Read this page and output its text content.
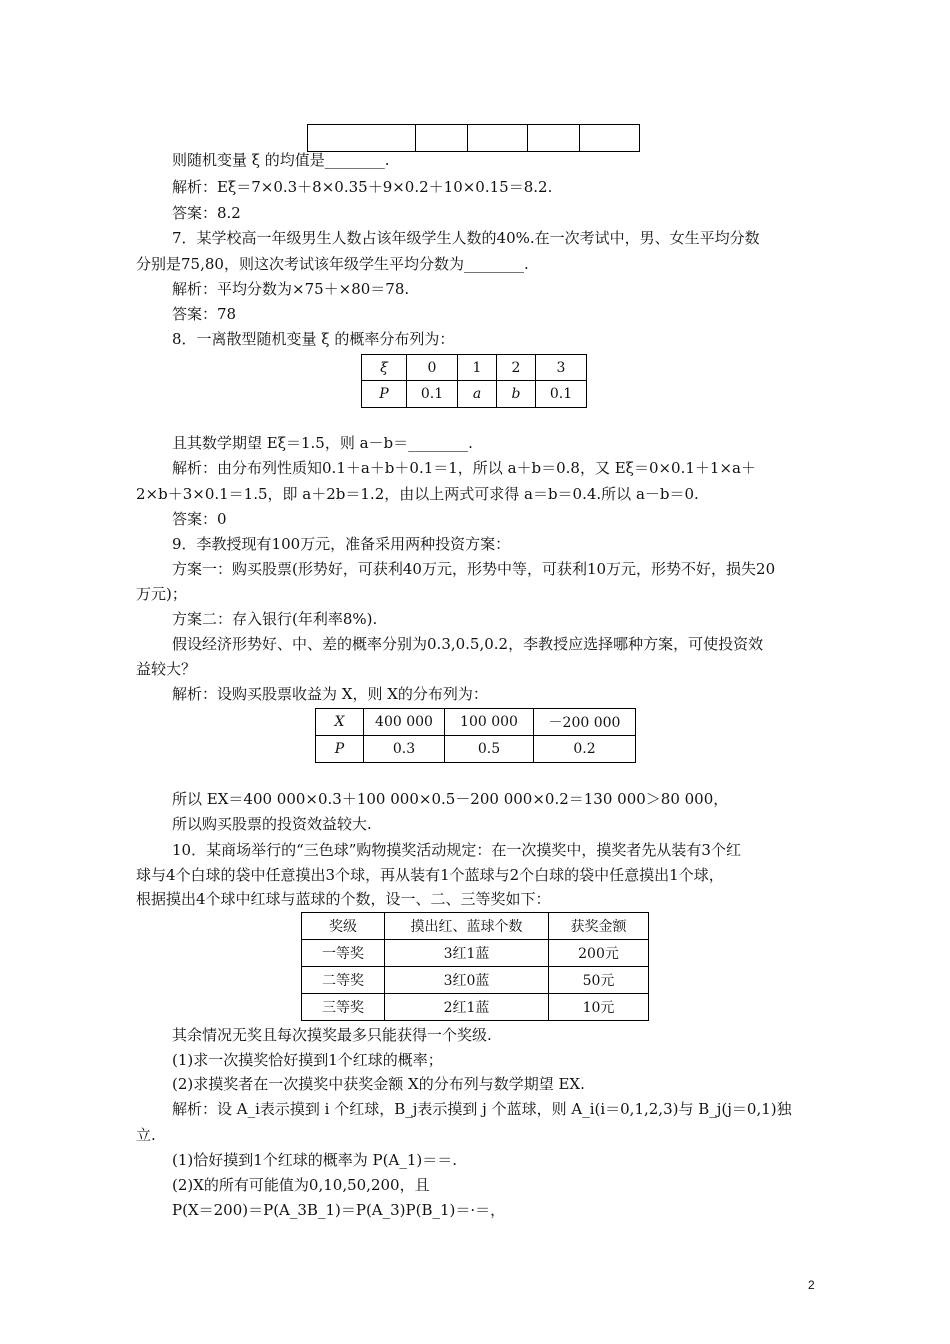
则随机变量 ξ 的均值是________.
解析：Eξ＝7×0.3＋8×0.35＋9×0.2＋10×0.15＝8.2.
答案：8.2
7．某学校高一年级男生人数占该年级学生人数的40%.在一次考试中，男、女生平均分数
分别是75,80，则这次考试该年级学生平均分数为________.
解析：平均分数为×75＋×80＝78.
答案：78
8．一离散型随机变量 ξ 的概率分布列为：
ξ	0	1	2	3
P	0.1	a	b	0.1
且其数学期望 Eξ＝1.5，则 a－b＝________.
解析：由分布列性质知0.1＋a＋b＋0.1＝1，所以 a＋b＝0.8，又 Eξ＝0×0.1＋1×a＋
2×b＋3×0.1＝1.5，即 a＋2b＝1.2，由以上两式可求得 a＝b＝0.4.所以 a－b＝0.
答案：0
9．李教授现有100万元，准备采用两种投资方案：
方案一：购买股票(形势好，可获利40万元，形势中等，可获利10万元，形势不好，损失20
万元)；
方案二：存入银行(年利率8%).
假设经济形势好、中、差的概率分别为0.3,0.5,0.2，李教授应选择哪种方案，可使投资效
益较大？
解析：设购买股票收益为 X，则 X的分布列为：
X	400 000	100 000	－200 000
P	0.3	0.5	0.2
所以 EX＝400 000×0.3＋100 000×0.5－200 000×0.2＝130 000＞80 000，
所以购买股票的投资效益较大.
10．某商场举行的“三色球”购物摸奖活动规定：在一次摸奖中，摸奖者先从装有3个红
球与4个白球的袋中任意摸出3个球，再从装有1个蓝球与2个白球的袋中任意摸出1个球，
根据摸出4个球中红球与蓝球的个数，设一、二、三等奖如下：
奖级	摸出红、蓝球个数	获奖金额
一等奖	3红1蓝	200元
二等奖	3红0蓝	50元
三等奖	2红1蓝	10元
其余情况无奖且每次摸奖最多只能获得一个奖级.
(1)求一次摸奖恰好摸到1个红球的概率；
(2)求摸奖者在一次摸奖中获奖金额 X的分布列与数学期望 EX.
解析：设 A_i表示摸到 i 个红球，B_j表示摸到 j 个蓝球，则 A_i(i＝0,1,2,3)与 B_j(j＝0,1)独
立.
(1)恰好摸到1个红球的概率为 P(A_1)＝＝.
(2)X的所有可能值为0,10,50,200，且
P(X＝200)＝P(A_3B_1)＝P(A_3)P(B_1)＝·＝，
2
